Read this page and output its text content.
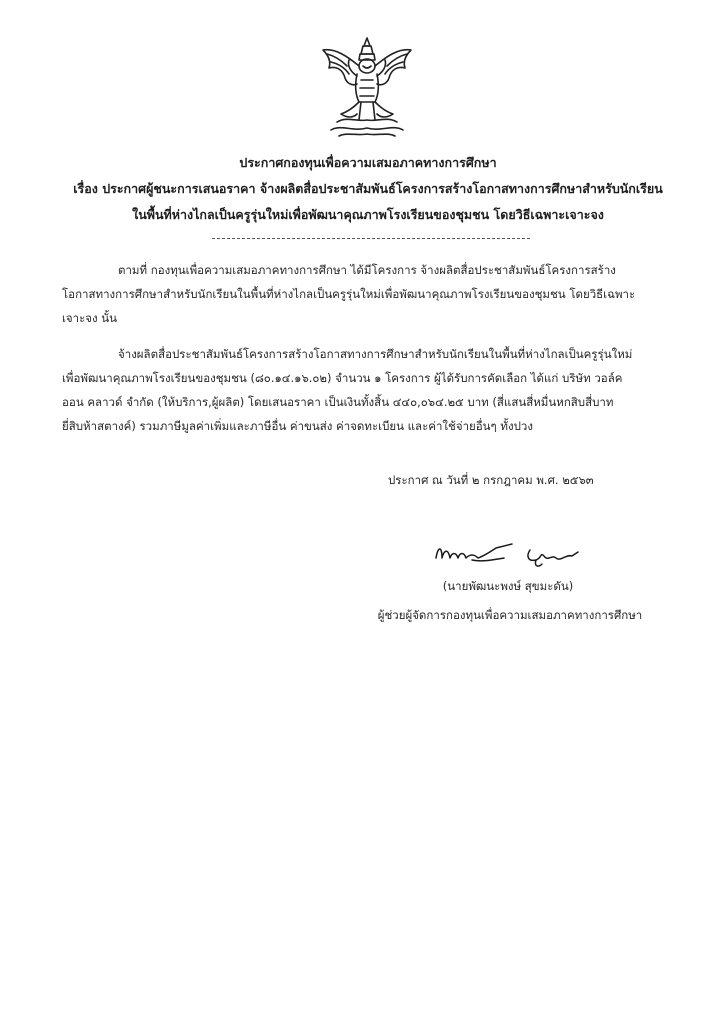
ประกาศกองทุนเพื่อความเสมอภาคทางการศึกษา
เรื่อง ประกาศผู้ชนะการเสนอราคา จ้างผลิตสื่อประชาสัมพันธ์โครงการสร้างโอกาสทางการศึกษาสำหรับนักเรียน
ในพื้นที่ห่างไกลเป็นครูรุ่นใหม่เพื่อพัฒนาคุณภาพโรงเรียนของชุมชน โดยวิธีเฉพาะเจาะจง
ตามที่ กองทุนเพื่อความเสมอภาคทางการศึกษา ได้มีโครงการ จ้างผลิตสื่อประชาสัมพันธ์โครงการสร้าง
โอกาสทางการศึกษาสำหรับนักเรียนในพื้นที่ห่างไกลเป็นครูรุ่นใหม่เพื่อพัฒนาคุณภาพโรงเรียนของชุมชน โดยวิธีเฉพาะ
เจาะจง นั้น
จ้างผลิตสื่อประชาสัมพันธ์โครงการสร้างโอกาสทางการศึกษาสำหรับนักเรียนในพื้นที่ห่างไกลเป็นครูรุ่นใหม่
เพื่อพัฒนาคุณภาพโรงเรียนของชุมชน (๘๐.๑๔.๑๖.๐๒) จำนวน ๑ โครงการ ผู้ได้รับการคัดเลือก ได้แก่ บริษัท วอล์ค
ออน คลาวด์ จำกัด (ให้บริการ,ผู้ผลิต) โดยเสนอราคา เป็นเงินทั้งสิ้น ๔๔๐,๐๖๔.๒๕ บาท (สี่แสนสี่หมื่นหกสิบสี่บาท
ยี่สิบห้าสตางค์) รวมภาษีมูลค่าเพิ่มและภาษีอื่น ค่าขนส่ง ค่าจดทะเบียน และค่าใช้จ่ายอื่นๆ ทั้งปวง
ประกาศ ณ วันที่ ๒ กรกฎาคม พ.ศ. ๒๕๖๓
(นายพัฒนะพงษ์ สุขมะดัน)
ผู้ช่วยผู้จัดการกองทุนเพื่อความเสมอภาคทางการศึกษา
